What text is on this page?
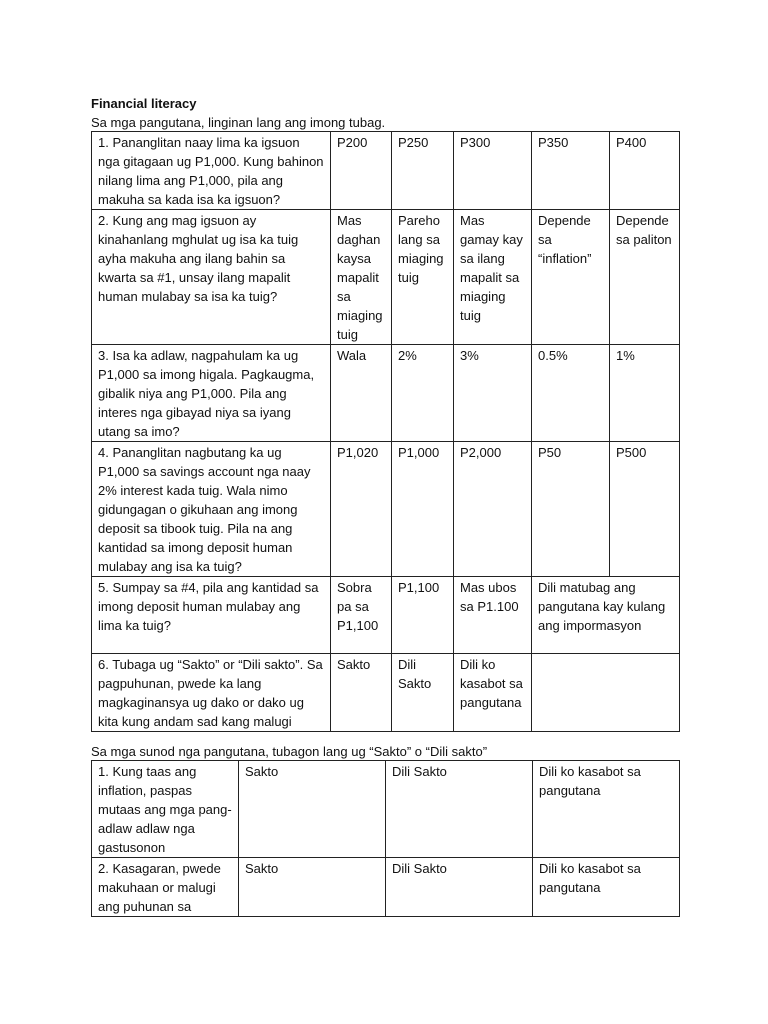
Financial literacy
Sa mga pangutana, linginan lang ang imong tubag.
1. Pananglitan naay lima ka igsuon nga gitagaan ug P1,000. Kung bahinon nilang lima ang P1,000, pila ang makuha sa kada isa ka igsuon?	P200	P250	P300	P350	P400
2. Kung ang mag igsuon ay kinahanlang mghulat ug isa ka tuig ayha makuha ang ilang bahin sa kwarta sa #1, unsay ilang mapalit human mulabay sa isa ka tuig?	Mas daghan kaysa mapalit sa miaging tuig	Pareho lang sa miaging tuig	Mas gamay kay sa ilang mapalit sa miaging tuig	Depende sa “inflation”	Depende sa paliton
3. Isa ka adlaw, nagpahulam ka ug P1,000 sa imong higala. Pagkaugma, gibalik niya ang P1,000. Pila ang interes nga gibayad niya sa iyang utang sa imo?	Wala	2%	3%	0.5%	1%
4. Pananglitan nagbutang ka ug P1,000 sa savings account nga naay 2% interest kada tuig. Wala nimo gidungagan o gikuhaan ang imong deposit sa tibook tuig. Pila na ang kantidad sa imong deposit human mulabay ang isa ka tuig?	P1,020	P1,000	P2,000	P50	P500
5. Sumpay sa #4, pila ang kantidad sa imong deposit human mulabay ang lima ka tuig?	Sobra pa sa P1,100	P1,100	Mas ubos sa P1.100	Dili matubag ang pangutana kay kulang ang impormasyon	
6. Tubaga ug “Sakto” or “Dili sakto”. Sa pagpuhunan, pwede ka lang magkaginansya ug dako or dako ug kita kung andam sad kang malugi	Sakto	Dili Sakto	Dili ko kasabot sa pangutana		
Sa mga sunod nga pangutana, tubagon lang ug “Sakto” o “Dili sakto”
1. Kung taas ang inflation, paspas mutaas ang mga pang-adlaw adlaw nga gastusonon	Sakto	Dili Sakto	Dili ko kasabot sa pangutana
2. Kasagaran, pwede makuhaan or malugi ang puhunan sa	Sakto	Dili Sakto	Dili ko kasabot sa pangutana
